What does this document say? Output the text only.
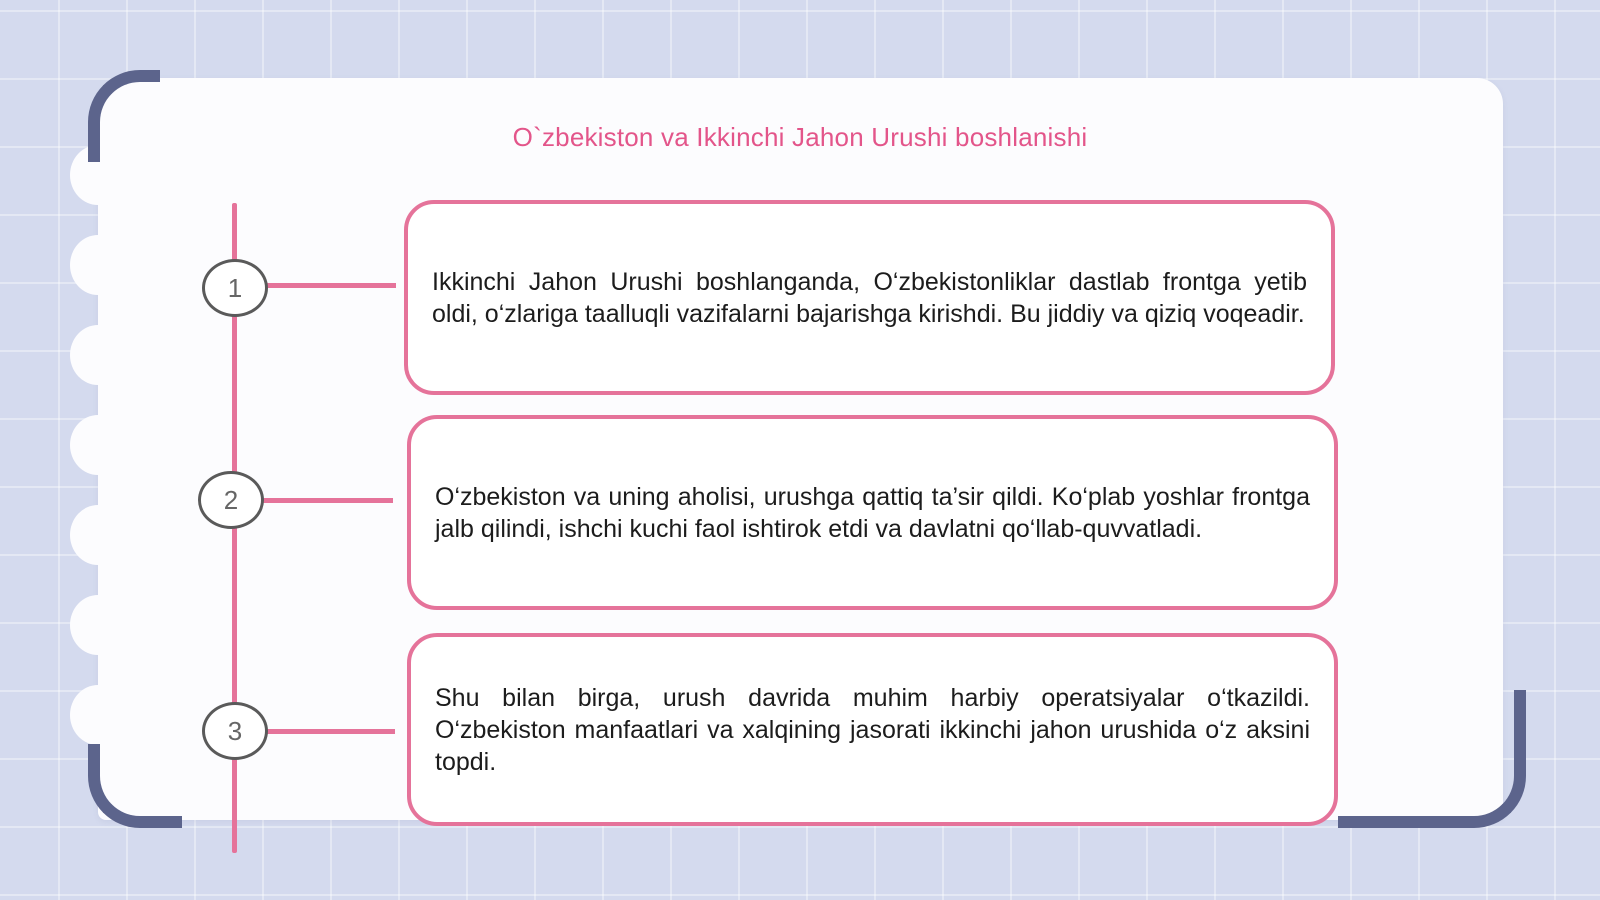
O`zbekiston va Ikkinchi Jahon Urushi boshlanishi
1
2
3

Ikkinchi Jahon Urushi boshlanganda, O‘zbekistonliklar dastlab frontga yetib oldi, o‘zlariga taalluqli vazifalarni bajarishga kirishdi. Bu jiddiy va qiziq voqeadir.

O‘zbekiston va uning aholisi, urushga qattiq ta’sir qildi. Ko‘plab yoshlar frontga jalb qilindi, ishchi kuchi faol ishtirok etdi va davlatni qo‘llab-quvvatladi.

Shu bilan birga, urush davrida muhim harbiy operatsiyalar o‘tkazildi. O‘zbekiston manfaatlari va xalqining jasorati ikkinchi jahon urushida o‘z aksini topdi.
